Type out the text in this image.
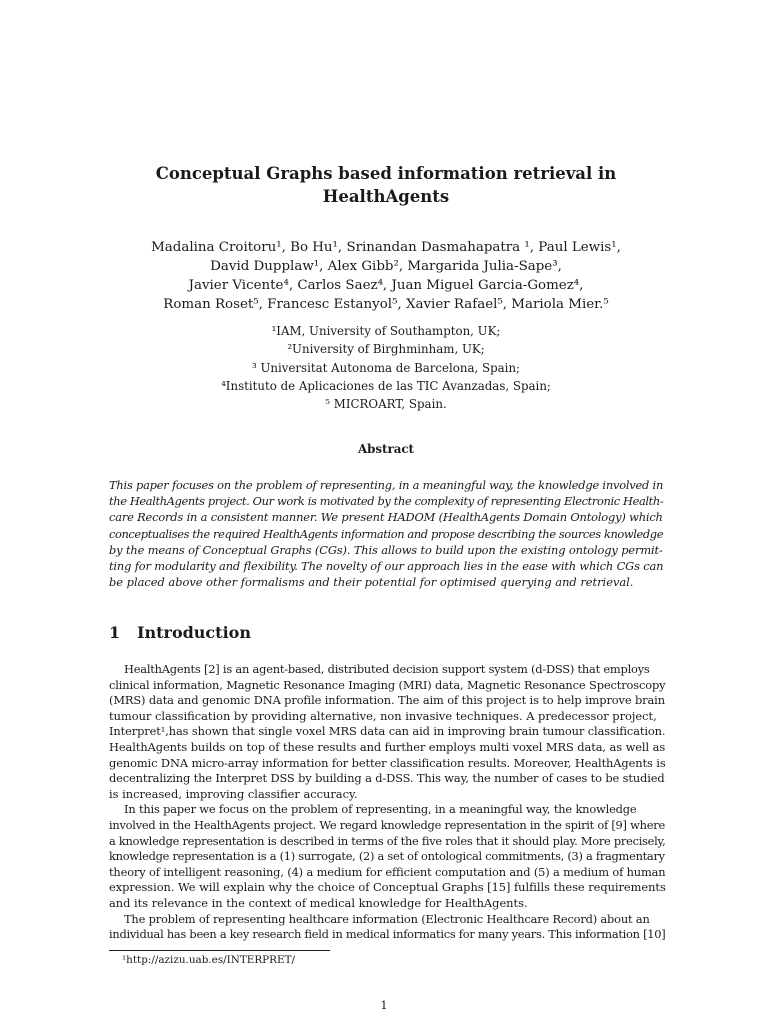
Conceptual Graphs based information retrieval in
HealthAgents
Madalina Croitoru¹, Bo Hu¹, Srinandan Dasmahapatra ¹, Paul Lewis¹,
David Dupplaw¹, Alex Gibb², Margarida Julia-Sape³,
Javier Vicente⁴, Carlos Saez⁴, Juan Miguel Garcia-Gomez⁴,
Roman Roset⁵, Francesc Estanyol⁵, Xavier Rafael⁵, Mariola Mier.⁵
¹IAM, University of Southampton, UK;
²University of Birghminham, UK;
³ Universitat Autonoma de Barcelona, Spain;
⁴Instituto de Aplicaciones de las TIC Avanzadas, Spain;
⁵ MICROART, Spain.
Abstract
This paper focuses on the problem of representing, in a meaningful way, the knowledge involved in
the HealthAgents project. Our work is motivated by the complexity of representing Electronic Health-
care Records in a consistent manner. We present HADOM (HealthAgents Domain Ontology) which
conceptualises the required HealthAgents information and propose describing the sources knowledge
by the means of Conceptual Graphs (CGs). This allows to build upon the existing ontology permit-
ting for modularity and flexibility. The novelty of our approach lies in the ease with which CGs can
be placed above other formalisms and their potential for optimised querying and retrieval.
1 Introduction
HealthAgents [2] is an agent-based, distributed decision support system (d-DSS) that employs
clinical information, Magnetic Resonance Imaging (MRI) data, Magnetic Resonance Spectroscopy
(MRS) data and genomic DNA profile information. The aim of this project is to help improve brain
tumour classification by providing alternative, non invasive techniques. A predecessor project,
Interpret¹,has shown that single voxel MRS data can aid in improving brain tumour classification.
HealthAgents builds on top of these results and further employs multi voxel MRS data, as well as
genomic DNA micro-array information for better classification results. Moreover, HealthAgents is
decentralizing the Interpret DSS by building a d-DSS. This way, the number of cases to be studied
is increased, improving classifier accuracy.
In this paper we focus on the problem of representing, in a meaningful way, the knowledge
involved in the HealthAgents project. We regard knowledge representation in the spirit of [9] where
a knowledge representation is described in terms of the five roles that it should play. More precisely,
knowledge representation is a (1) surrogate, (2) a set of ontological commitments, (3) a fragmentary
theory of intelligent reasoning, (4) a medium for efficient computation and (5) a medium of human
expression. We will explain why the choice of Conceptual Graphs [15] fulfills these requirements
and its relevance in the context of medical knowledge for HealthAgents.
The problem of representing healthcare information (Electronic Healthcare Record) about an
individual has been a key research field in medical informatics for many years. This information [10]
¹http://azizu.uab.es/INTERPRET/
1
